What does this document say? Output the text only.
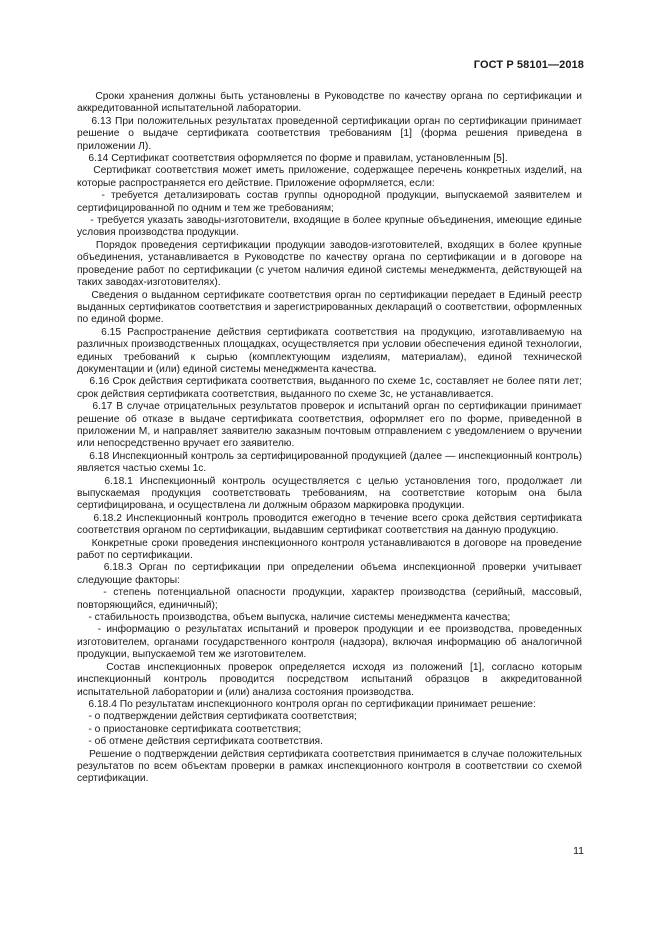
ГОСТ Р 58101—2018

Сроки хранения должны быть установлены в Руководстве по качеству органа по сертификации и аккредитованной испытательной лаборатории.

6.13 При положительных результатах проведенной сертификации орган по сертификации принимает решение о выдаче сертификата соответствия требованиям [1] (форма решения приведена в приложении Л).

6.14 Сертификат соответствия оформляется по форме и правилам, установленным [5].

Сертификат соответствия может иметь приложение, содержащее перечень конкретных изделий, на которые распространяется его действие. Приложение оформляется, если:

- требуется детализировать состав группы однородной продукции, выпускаемой заявителем и сертифицированной по одним и тем же требованиям;

- требуется указать заводы-изготовители, входящие в более крупные объединения, имеющие единые условия производства продукции.

Порядок проведения сертификации продукции заводов-изготовителей, входящих в более крупные объединения, устанавливается в Руководстве по качеству органа по сертификации и в договоре на проведение работ по сертификации (с учетом наличия единой системы менеджмента, действующей на таких заводах-изготовителях).

Сведения о выданном сертификате соответствия орган по сертификации передает в Единый реестр выданных сертификатов соответствия и зарегистрированных деклараций о соответствии, оформленных по единой форме.

6.15 Распространение действия сертификата соответствия на продукцию, изготавливаемую на различных производственных площадках, осуществляется при условии обеспечения единой технологии, единых требований к сырью (комплектующим изделиям, материалам), единой технической документации и (или) единой системы менеджмента качества.

6.16 Срок действия сертификата соответствия, выданного по схеме 1с, составляет не более пяти лет; срок действия сертификата соответствия, выданного по схеме 3с, не устанавливается.

6.17 В случае отрицательных результатов проверок и испытаний орган по сертификации принимает решение об отказе в выдаче сертификата соответствия, оформляет его по форме, приведенной в приложении М, и направляет заявителю заказным почтовым отправлением с уведомлением о вручении или непосредственно вручает его заявителю.

6.18 Инспекционный контроль за сертифицированной продукцией (далее — инспекционный контроль) является частью схемы 1с.

6.18.1 Инспекционный контроль осуществляется с целью установления того, продолжает ли выпускаемая продукция соответствовать требованиям, на соответствие которым она была сертифицирована, и осуществлена ли должным образом маркировка продукции.

6.18.2 Инспекционный контроль проводится ежегодно в течение всего срока действия сертификата соответствия органом по сертификации, выдавшим сертификат соответствия на данную продукцию.

Конкретные сроки проведения инспекционного контроля устанавливаются в договоре на проведение работ по сертификации.

6.18.3 Орган по сертификации при определении объема инспекционной проверки учитывает следующие факторы:

- степень потенциальной опасности продукции, характер производства (серийный, массовый, повторяющийся, единичный);

- стабильность производства, объем выпуска, наличие системы менеджмента качества;

- информацию о результатах испытаний и проверок продукции и ее производства, проведенных изготовителем, органами государственного контроля (надзора), включая информацию об аналогичной продукции, выпускаемой тем же изготовителем.

Состав инспекционных проверок определяется исходя из положений [1], согласно которым инспекционный контроль проводится посредством испытаний образцов в аккредитованной испытательной лаборатории и (или) анализа состояния производства.

6.18.4 По результатам инспекционного контроля орган по сертификации принимает решение:

- о подтверждении действия сертификата соответствия;

- о приостановке сертификата соответствия;

- об отмене действия сертификата соответствия.

Решение о подтверждении действия сертификата соответствия принимается в случае положительных результатов по всем объектам проверки в рамках инспекционного контроля в соответствии со схемой сертификации.

11
